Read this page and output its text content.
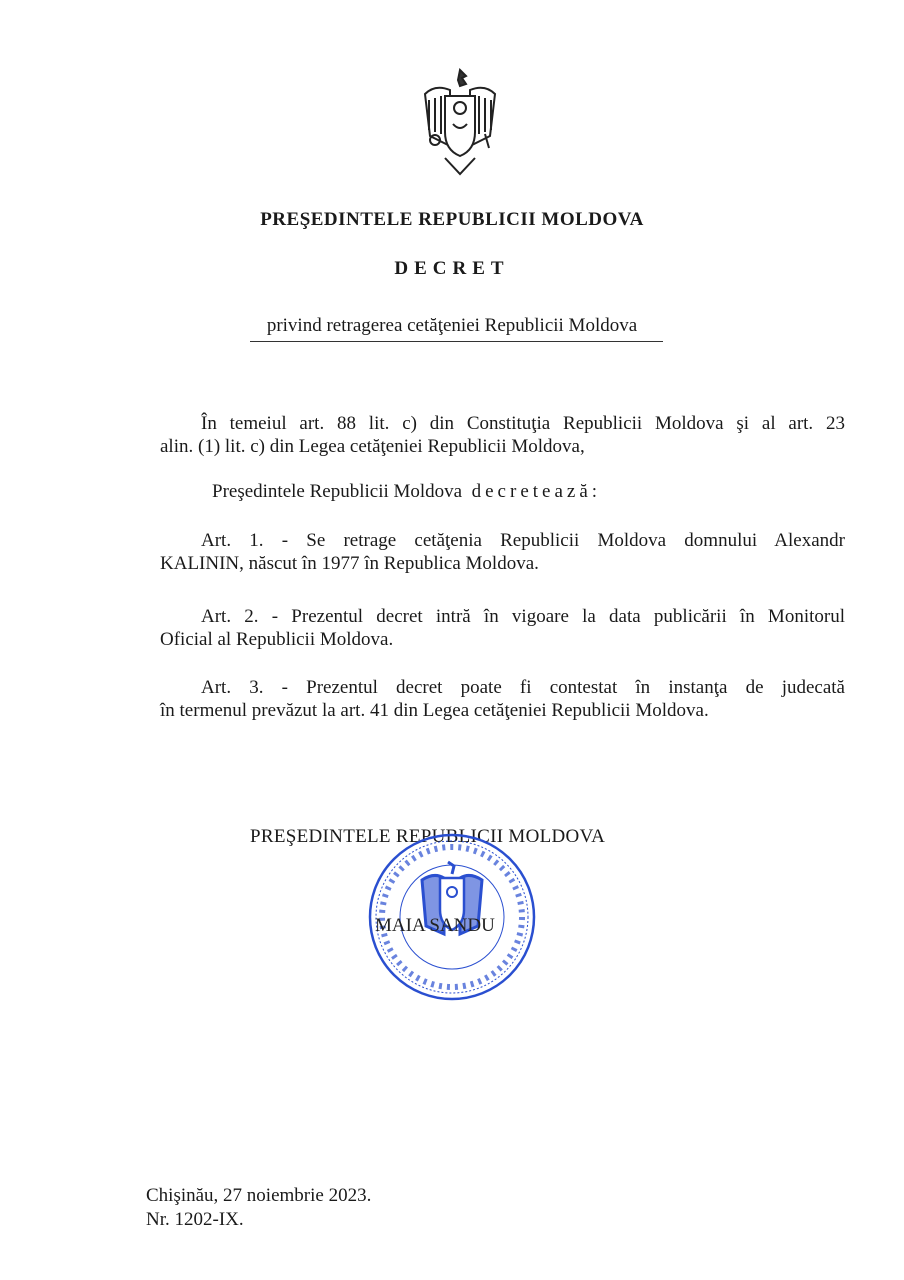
PREŞEDINTELE REPUBLICII MOLDOVA
DECRET
privind retragerea cetăţeniei Republicii Moldova
În temeiul art. 88 lit. c) din Constituţia Republicii Moldova şi al art. 23
alin. (1) lit. c) din Legea cetăţeniei Republicii Moldova,
Preşedintele Republicii Moldova decretează:
Art. 1. - Se retrage cetăţenia Republicii Moldova domnului Alexandr
KALININ, născut în 1977 în Republica Moldova.
Art. 2. - Prezentul decret intră în vigoare la data publicării în Monitorul
Oficial al Republicii Moldova.
Art. 3. - Prezentul decret poate fi contestat în instanţa de judecată
în termenul prevăzut la art. 41 din Legea cetăţeniei Republicii Moldova.
PREŞEDINTELE REPUBLICII MOLDOVA
MAIA SANDU
Chişinău, 27 noiembrie 2023.
Nr. 1202-IX.
